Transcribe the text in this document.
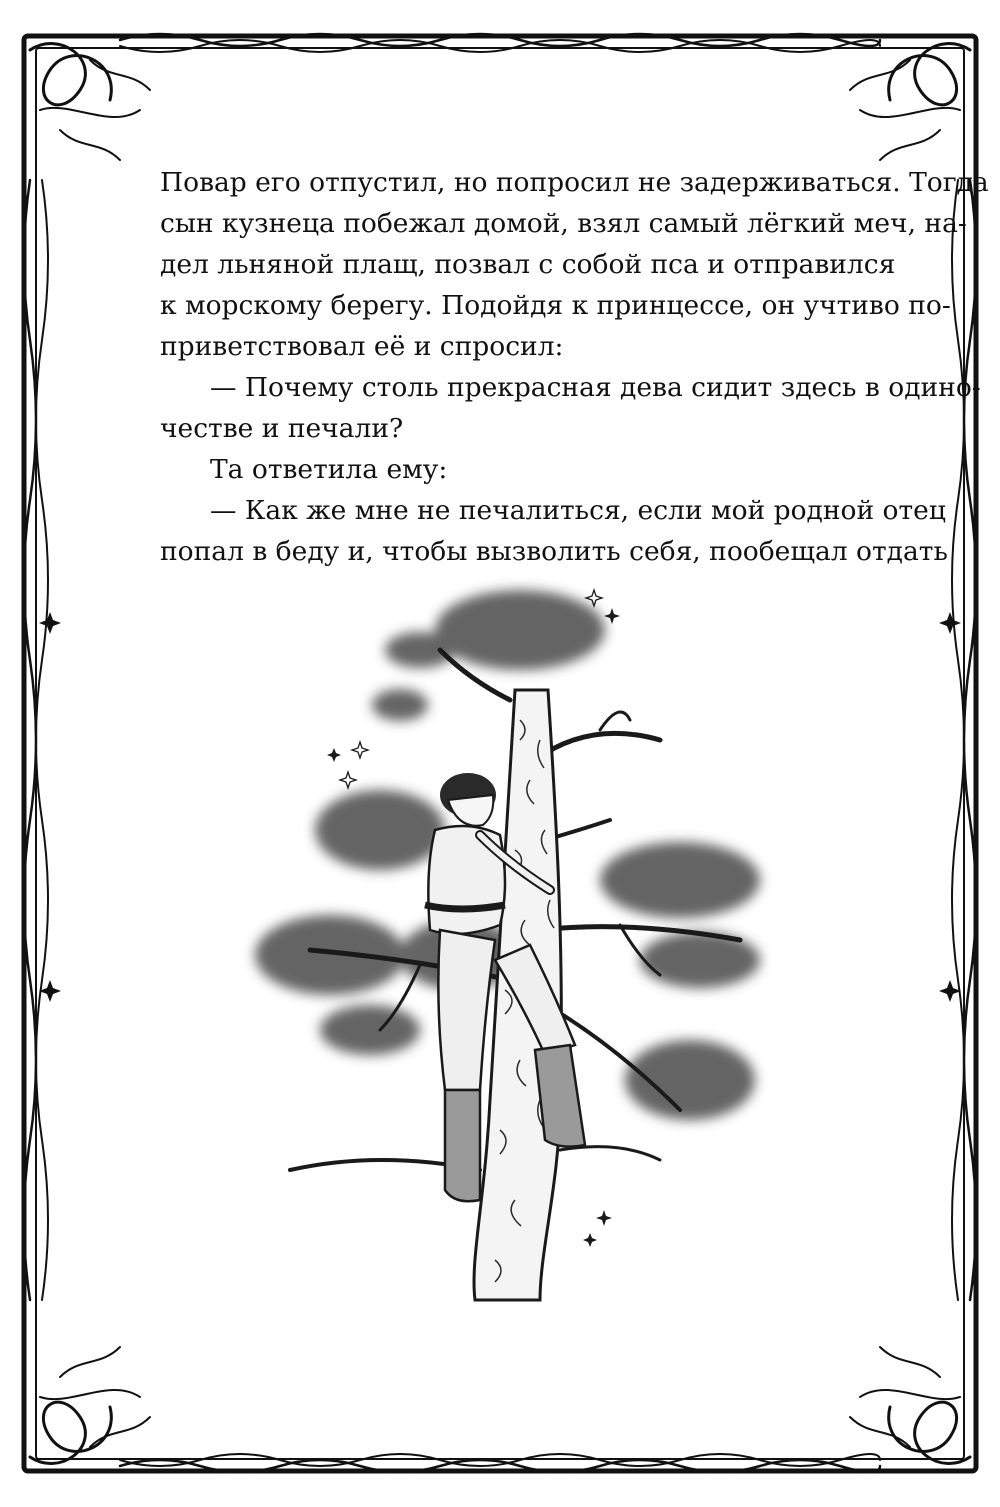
Повар его отпустил, но попросил не задерживаться. Тогда
сын кузнеца побежал домой, взял самый лёгкий меч, на-
дел льняной плащ, позвал с собой пса и отправился
к морскому берегу. Подойдя к принцессе, он учтиво по-
приветствовал её и спросил:
— Почему столь прекрасная дева сидит здесь в одино-
честве и печали?
Та ответила ему:
— Как же мне не печалиться, если мой родной отец
попал в беду и, чтобы вызволить себя, пообещал отдать
